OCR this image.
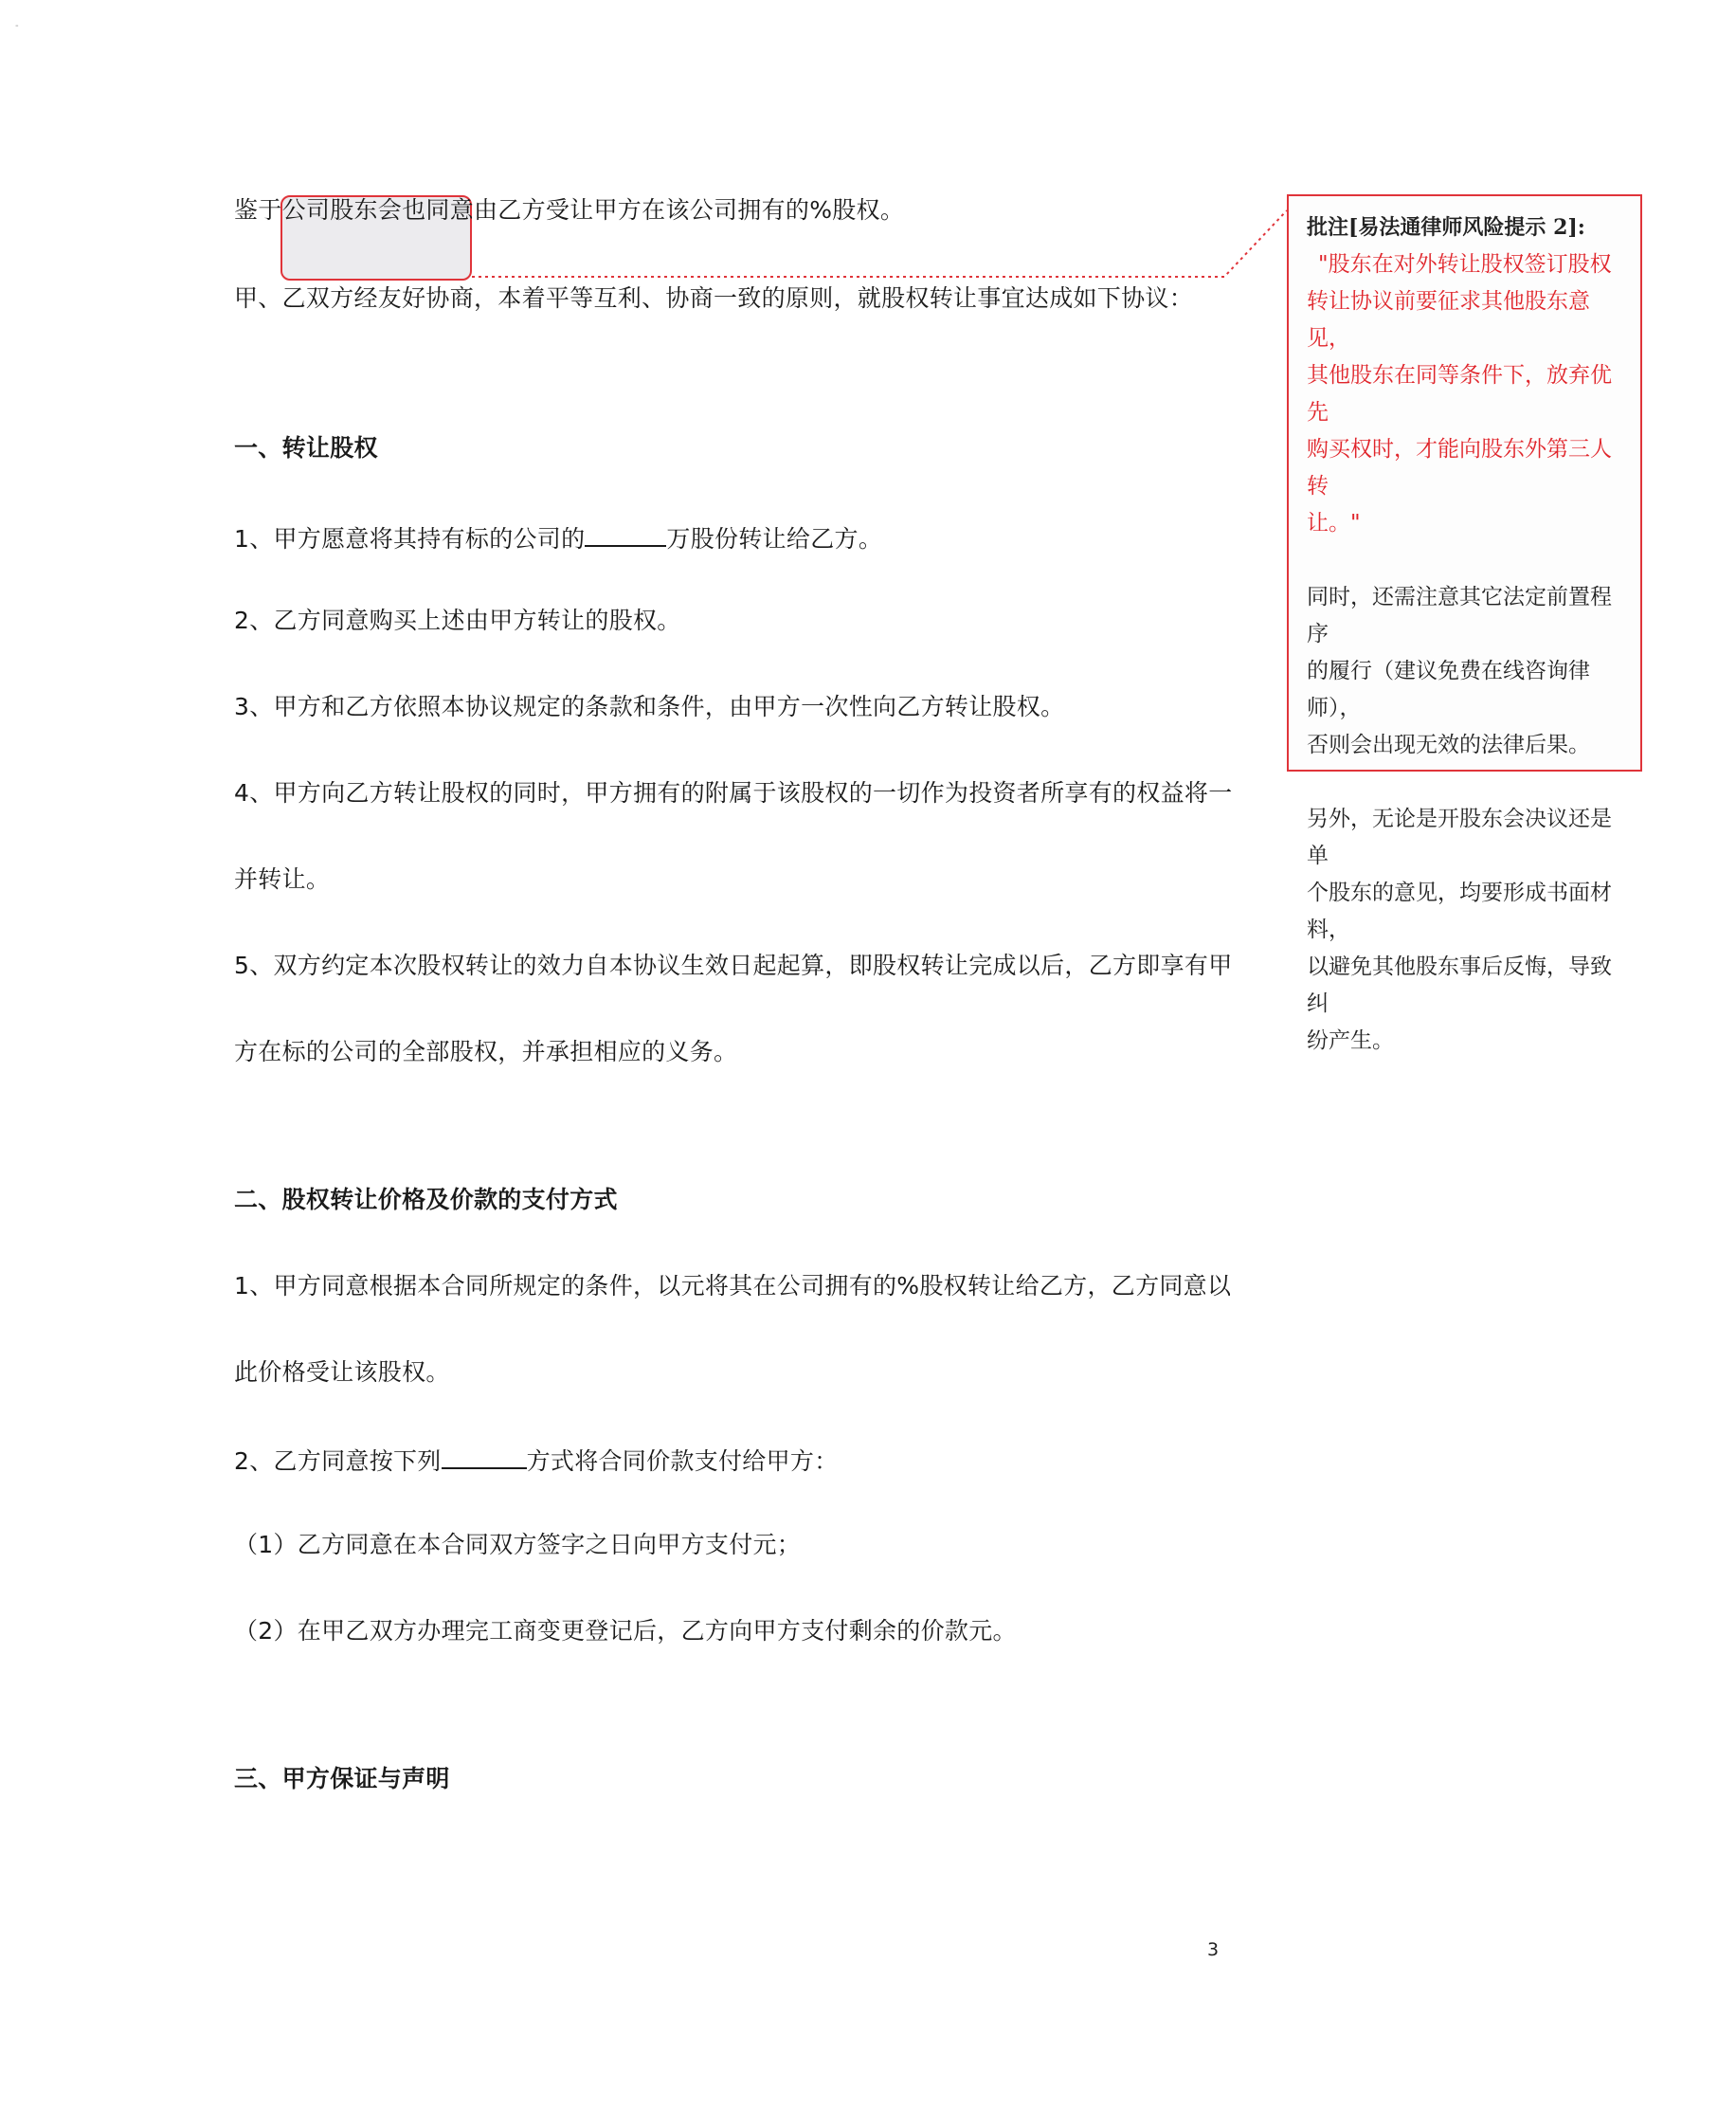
-
鉴于公司股东会也同意由乙方受让甲方在该公司拥有的%股权。
甲、乙双方经友好协商，本着平等互利、协商一致的原则，就股权转让事宜达成如下协议：
一、转让股权
1、甲方愿意将其持有标的公司的	万股份转让给乙方。
2、乙方同意购买上述由甲方转让的股权。
3、甲方和乙方依照本协议规定的条款和条件，由甲方一次性向乙方转让股权。
4、甲方向乙方转让股权的同时，甲方拥有的附属于该股权的一切作为投资者所享有的权益将一
并转让。
5、双方约定本次股权转让的效力自本协议生效日起起算，即股权转让完成以后，乙方即享有甲
方在标的公司的全部股权，并承担相应的义务。
二、股权转让价格及价款的支付方式
1、甲方同意根据本合同所规定的条件，以元将其在公司拥有的%股权转让给乙方，乙方同意以
此价格受让该股权。
2、乙方同意按下列	方式将合同价款支付给甲方：
（1）乙方同意在本合同双方签字之日向甲方支付元；
（2）在甲乙双方办理完工商变更登记后，乙方向甲方支付剩余的价款元。
三、甲方保证与声明
3
批注[易法通律师风险提示 2]:
"股东在对外转让股权签订股权
转让协议前要征求其他股东意见，
其他股东在同等条件下，放弃优先
购买权时，才能向股东外第三人转
让。"
同时，还需注意其它法定前置程序
的履行（建议免费在线咨询律师），
否则会出现无效的法律后果。
另外，无论是开股东会决议还是单
个股东的意见，均要形成书面材料，
以避免其他股东事后反悔，导致纠
纷产生。
